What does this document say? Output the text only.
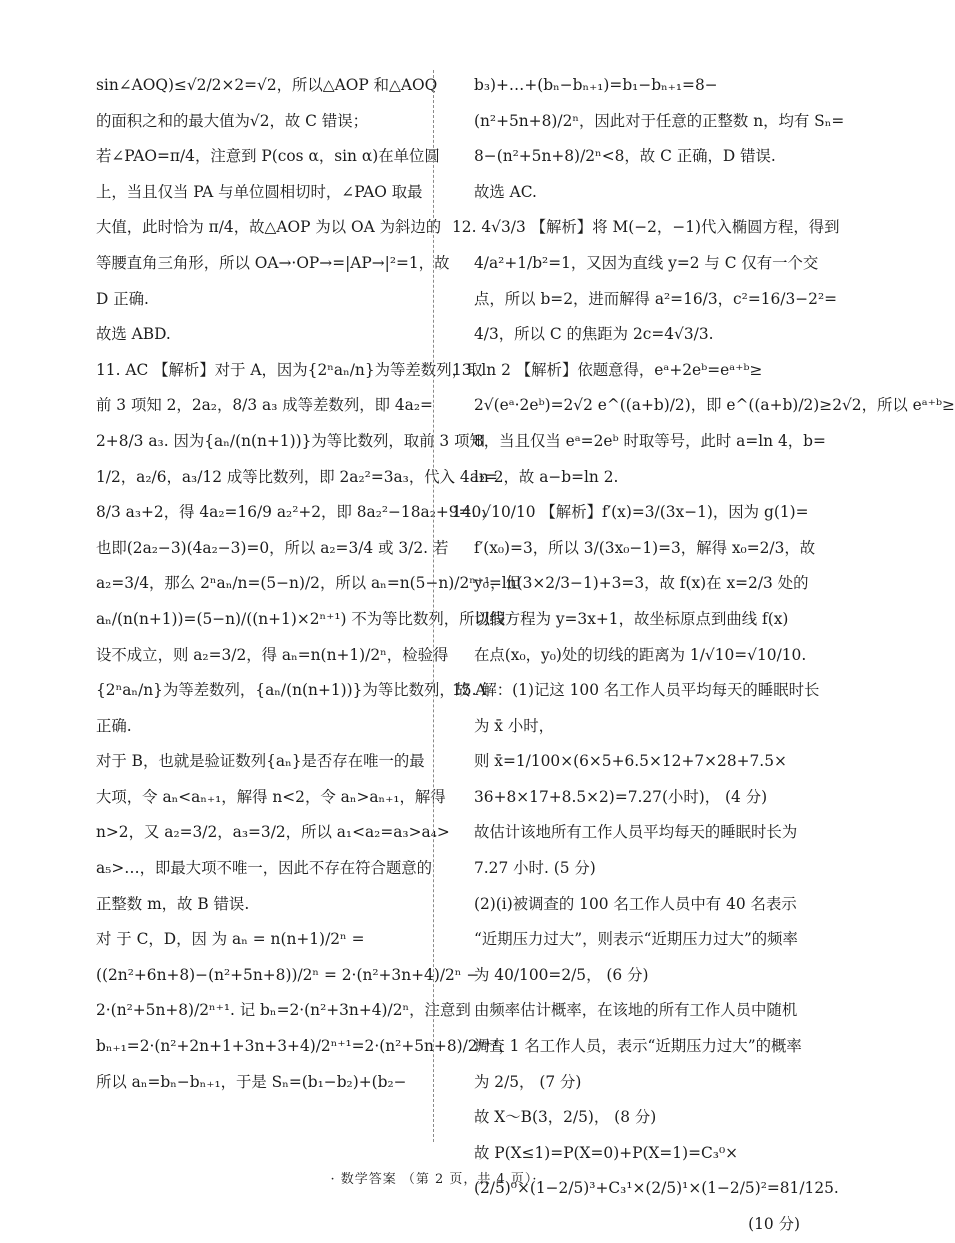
sin∠AOQ)≤√2/2×2=√2，所以△AOP 和△AOQ
的面积之和的最大值为√2，故 C 错误；
若∠PAO=π/4，注意到 P(cos α，sin α)在单位圆
上，当且仅当 PA 与单位圆相切时，∠PAO 取最
大值，此时恰为 π/4，故△AOP 为以 OA 为斜边的
等腰直角三角形，所以 OA→·OP→=|AP→|²=1，故
D 正确.
故选 ABD.
11. AC 【解析】对于 A，因为{2ⁿaₙ/n}为等差数列，取
前 3 项知 2，2a₂，8/3 a₃ 成等差数列，即 4a₂=
2+8/3 a₃. 因为{aₙ/(n(n+1))}为等比数列，取前 3 项知
1/2，a₂/6，a₃/12 成等比数列，即 2a₂²=3a₃，代入 4a₂=
8/3 a₃+2，得 4a₂=16/9 a₂²+2，即 8a₂²−18a₂+9=0，
也即(2a₂−3)(4a₂−3)=0，所以 a₂=3/4 或 3/2. 若
a₂=3/4，那么 2ⁿaₙ/n=(5−n)/2，所以 aₙ=n(5−n)/2ⁿ⁺¹，但
aₙ/(n(n+1))=(5−n)/((n+1)×2ⁿ⁺¹) 不为等比数列，所以假
设不成立，则 a₂=3/2，得 aₙ=n(n+1)/2ⁿ，检验得
{2ⁿaₙ/n}为等差数列，{aₙ/(n(n+1))}为等比数列，故 A
正确.
对于 B，也就是验证数列{aₙ}是否存在唯一的最
大项，令 aₙ<aₙ₊₁，解得 n<2，令 aₙ>aₙ₊₁，解得
n>2，又 a₂=3/2，a₃=3/2，所以 a₁<a₂=a₃>a₄>
a₅>…，即最大项不唯一，因此不存在符合题意的
正整数 m，故 B 错误.
对 于 C，D，因 为 aₙ = n(n+1)/2ⁿ =
((2n²+6n+8)−(n²+5n+8))/2ⁿ = 2·(n²+3n+4)/2ⁿ −
2·(n²+5n+8)/2ⁿ⁺¹. 记 bₙ=2·(n²+3n+4)/2ⁿ，注意到
bₙ₊₁=2·(n²+2n+1+3n+3+4)/2ⁿ⁺¹=2·(n²+5n+8)/2ⁿ⁺¹，
所以 aₙ=bₙ−bₙ₊₁，于是 Sₙ=(b₁−b₂)+(b₂−
b₃)+…+(bₙ−bₙ₊₁)=b₁−bₙ₊₁=8−
(n²+5n+8)/2ⁿ，因此对于任意的正整数 n，均有 Sₙ=
8−(n²+5n+8)/2ⁿ<8，故 C 正确，D 错误.
故选 AC.
12. 4√3/3 【解析】将 M(−2，−1)代入椭圆方程，得到
4/a²+1/b²=1，又因为直线 y=2 与 C 仅有一个交
点，所以 b=2，进而解得 a²=16/3，c²=16/3−2²=
4/3，所以 C 的焦距为 2c=4√3/3.
13. ln 2 【解析】依题意得，eᵃ+2eᵇ=eᵃ⁺ᵇ≥
2√(eᵃ·2eᵇ)=2√2 e^((a+b)/2)，即 e^((a+b)/2)≥2√2，所以 eᵃ⁺ᵇ≥
8，当且仅当 eᵃ=2eᵇ 时取等号，此时 a=ln 4，b=
ln 2，故 a−b=ln 2.
14. √10/10 【解析】f′(x)=3/(3x−1)，因为 g(1)=
f′(x₀)=3，所以 3/(3x₀−1)=3，解得 x₀=2/3，故
y₀=ln(3×2/3−1)+3=3，故 f(x)在 x=2/3 处的
切线方程为 y=3x+1，故坐标原点到曲线 f(x)
在点(x₀，y₀)处的切线的距离为 1/√10=√10/10.
15. 解：(1)记这 100 名工作人员平均每天的睡眠时长
为 x̄ 小时，
则 x̄=1/100×(6×5+6.5×12+7×28+7.5×
36+8×17+8.5×2)=7.27(小时)， (4 分)
故估计该地所有工作人员平均每天的睡眠时长为
7.27 小时. (5 分)
(2)(ⅰ)被调查的 100 名工作人员中有 40 名表示
“近期压力过大”，则表示“近期压力过大”的频率
为 40/100=2/5， (6 分)
由频率估计概率，在该地的所有工作人员中随机
调查 1 名工作人员，表示“近期压力过大”的概率
为 2/5， (7 分)
故 X～B(3，2/5)， (8 分)
故 P(X≤1)=P(X=0)+P(X=1)=C₃⁰×
(2/5)⁰×(1−2/5)³+C₃¹×(2/5)¹×(1−2/5)²=81/125.
(10 分)
· 数学答案 （第 2 页，共 4 页）·
